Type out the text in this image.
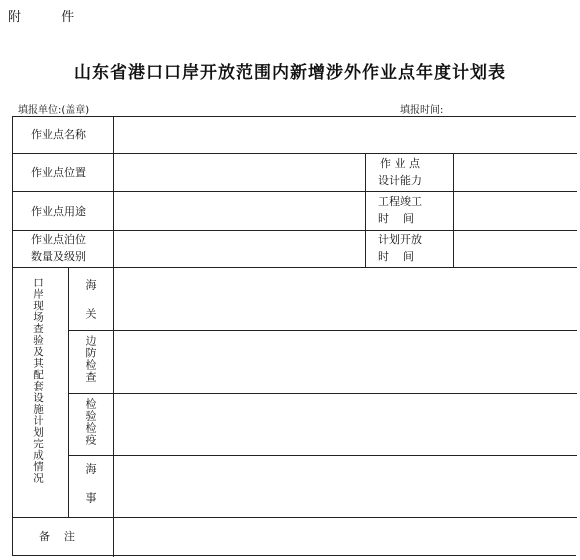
附 件
山东省港口口岸开放范围内新增涉外作业点年度计划表
填报单位:(盖章)	填报时间:
作业点名称
作业点位置
作业点用途
作业点泊位
数量及级别
作 业 点
设计能力
工程竣工
时    间
计划开放
时    间
口岸现场查验及其配套设施计划完成情况	海关
边防检查
检验检疫
海事
备    注
